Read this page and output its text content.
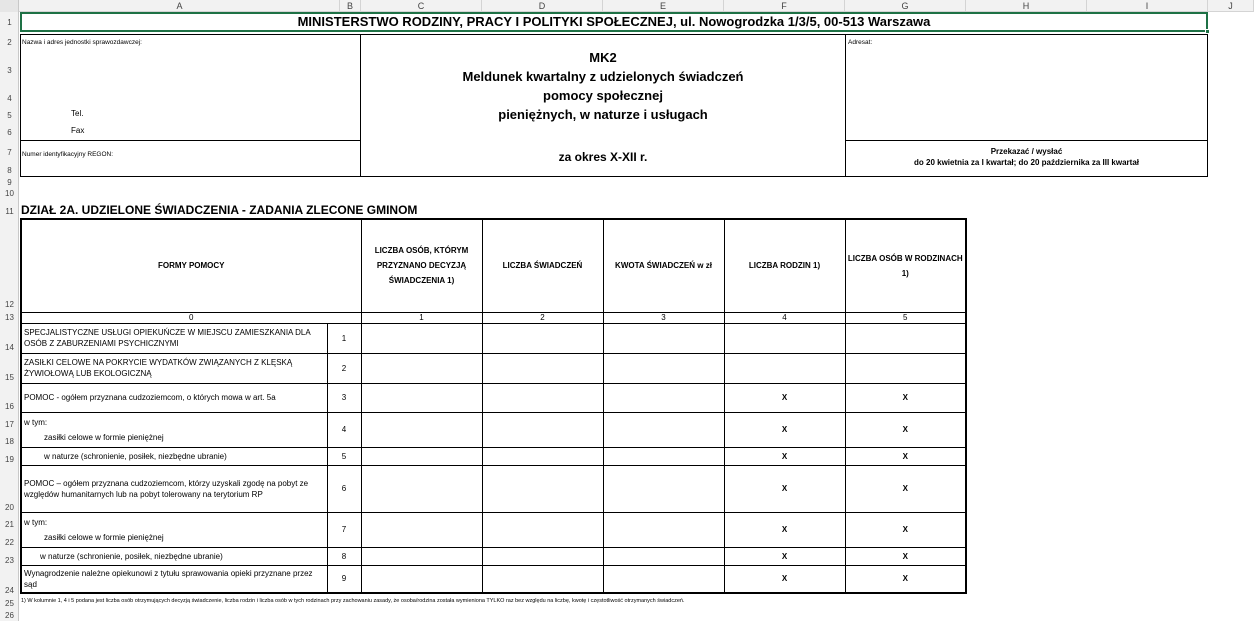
A	B	C	D	E	F	G	H	I	J
1
2
3
4
5
6
7
8
9
10
11
12
13
14
15
16
17
18
19
20
21
22
23
24
25
26
MINISTERSTWO RODZINY, PRACY I POLITYKI SPOŁECZNEJ, ul. Nowogrodzka 1/3/5, 00-513 Warszawa
Nazwa i adres jednostki sprawozdawczej:
Tel.
Fax
Numer identyfikacyjny REGON:
Adresat:
MK2
Meldunek kwartalny z udzielonych świadczeń
pomocy społecznej
pieniężnych, w naturze i usługach
za okres X-XII r.	Przekazać / wysłać
do 20 kwietnia za I kwartał; do 20 października za III kwartał
DZIAŁ 2A. UDZIELONE ŚWIADCZENIA - ZADANIA ZLECONE GMINOM
FORMY POMOCY		LICZBA OSÓB, KTÓRYM PRZYZNANO DECYZJĄ ŚWIADCZENIA 1)	LICZBA ŚWIADCZEŃ	KWOTA ŚWIADCZEŃ w zł	LICZBA RODZIN 1)	LICZBA OSÓB W RODZINACH 1)
0		1	2	3	4	5
SPECJALISTYCZNE USŁUGI OPIEKUŃCZE W MIEJSCU ZAMIESZKANIA DLA OSÓB Z ZABURZENIAMI PSYCHICZNYMI	1					
ZASIŁKI CELOWE NA POKRYCIE WYDATKÓW ZWIĄZANYCH Z KLĘSKĄ ŻYWIOŁOWĄ LUB EKOLOGICZNĄ	2					
POMOC - ogółem przyznana cudzoziemcom, o których mowa w art. 5a	3				X	X

w tym:
zasiłki celowe w formie pieniężnej	4				X	X
w naturze (schronienie, posiłek, niezbędne ubranie)	5				X	X
POMOC – ogółem przyznana cudzoziemcom, którzy uzyskali zgodę na pobyt ze względów humanitarnych lub na pobyt tolerowany na terytorium RP	6				X	X

w tym:
zasiłki celowe w formie pieniężnej	7				X	X
w naturze (schronienie, posiłek, niezbędne ubranie)	8				X	X
Wynagrodzenie należne opiekunowi z tytułu sprawowania opieki przyznane przez sąd	9				X	X
1) W kolumnie 1, 4 i 5 podana jest liczba osób otrzymujących decyzją świadczenie, liczba rodzin i liczba osób w tych rodzinach przy zachowaniu zasady, że osoba/rodzina została wymieniona TYLKO raz bez względu na liczbę, kwotę i częstotliwość otrzymanych świadczeń.
